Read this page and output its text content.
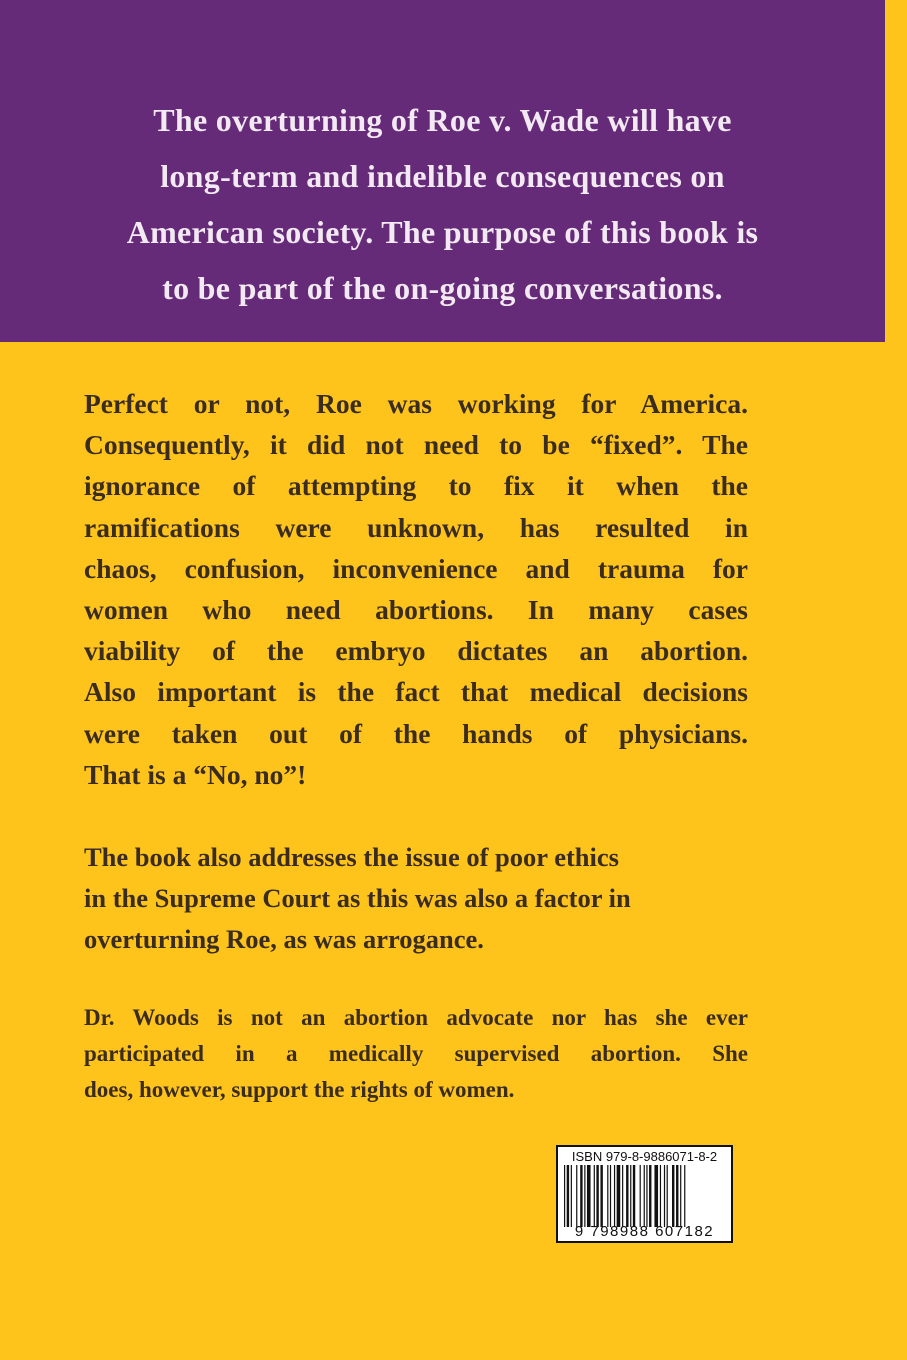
The overturning of Roe v. Wade will have
long-term and indelible consequences on
American society. The purpose of this book is
to be part of the on-going conversations.
Perfect or not, Roe was working for America.
Consequently, it did not need to be “fixed”. The
ignorance of attempting to fix it when the
ramifications were unknown, has resulted in
chaos, confusion, inconvenience and trauma for
women who need abortions. In many cases
viability of the embryo dictates an abortion.
Also important is the fact that medical decisions
were taken out of the hands of physicians.
That is a “No, no”!
The book also addresses the issue of poor ethics
in the Supreme Court as this was also a factor in
overturning Roe, as was arrogance.
Dr. Woods is not an abortion advocate nor has she ever
participated in a medically supervised abortion. She
does, however, support the rights of women.
ISBN 979-8-9886071-8-2
9 798988 607182
